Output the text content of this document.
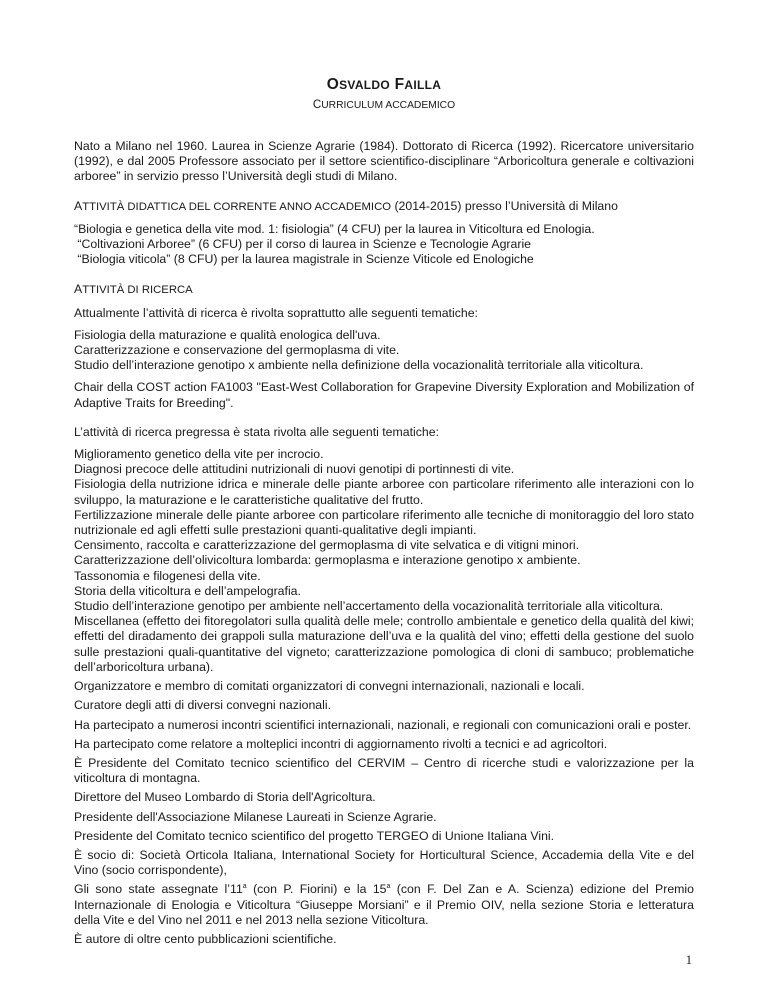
OSVALDO FAILLA
CURRICULUM ACCADEMICO

Nato a Milano nel 1960. Laurea in Scienze Agrarie (1984). Dottorato di Ricerca (1992). Ricercatore universitario (1992), e dal 2005 Professore associato per il settore scientifico-disciplinare “Arboricoltura generale e coltivazioni arboree” in servizio presso l’Università degli studi di Milano.

ATTIVITÀ DIDATTICA DEL CORRENTE ANNO ACCADEMICO (2014-2015) presso l’Università di Milano

“Biologia e genetica della vite mod. 1: fisiologia” (4 CFU) per la laurea in Viticoltura ed Enologia.

“Coltivazioni Arboree” (6 CFU) per il corso di laurea in Scienze e Tecnologie Agrarie

“Biologia viticola” (8 CFU) per la laurea magistrale in Scienze Viticole ed Enologiche

ATTIVITÀ DI RICERCA

Attualmente l’attività di ricerca è rivolta soprattutto alle seguenti tematiche:

Fisiologia della maturazione e qualità enologica dell'uva.

Caratterizzazione e conservazione del germoplasma di vite.

Studio dell’interazione genotipo x ambiente nella definizione della vocazionalità territoriale alla viticoltura.

Chair della COST action FA1003 "East-West Collaboration for Grapevine Diversity Exploration and Mobilization of Adaptive Traits for Breeding".

L’attività di ricerca pregressa è stata rivolta alle seguenti tematiche:

Miglioramento genetico della vite per incrocio.

Diagnosi precoce delle attitudini nutrizionali di nuovi genotipi di portinnesti di vite.

Fisiologia della nutrizione idrica e minerale delle piante arboree con particolare riferimento alle interazioni con lo sviluppo, la maturazione e le caratteristiche qualitative del frutto.

Fertilizzazione minerale delle piante arboree con particolare riferimento alle tecniche di monitoraggio del loro stato nutrizionale ed agli effetti sulle prestazioni quanti-qualitative degli impianti.

Censimento, raccolta e caratterizzazione del germoplasma di vite selvatica e di vitigni minori.

Caratterizzazione dell’olivicoltura lombarda: germoplasma e interazione genotipo x ambiente.

Tassonomia e filogenesi della vite.

Storia della viticoltura e dell’ampelografia.

Studio dell’interazione genotipo per ambiente nell’accertamento della vocazionalità territoriale alla viticoltura.

Miscellanea (effetto dei fitoregolatori sulla qualità delle mele; controllo ambientale e genetico della qualità del kiwi; effetti del diradamento dei grappoli sulla maturazione dell’uva e la qualità del vino; effetti della gestione del suolo sulle prestazioni quali-quantitative del vigneto; caratterizzazione pomologica di cloni di sambuco; problematiche dell’arboricoltura urbana).

Organizzatore e membro di comitati organizzatori di convegni internazionali, nazionali e locali.

Curatore degli atti di diversi convegni nazionali.

Ha partecipato a numerosi incontri scientifici internazionali, nazionali, e regionali con comunicazioni orali e poster.

Ha partecipato come relatore a molteplici incontri di aggiornamento rivolti a tecnici e ad agricoltori.

È Presidente del Comitato tecnico scientifico del CERVIM – Centro di ricerche studi e valorizzazione per la viticoltura di montagna.

Direttore del Museo Lombardo di Storia dell'Agricoltura.

Presidente dell'Associazione Milanese Laureati in Scienze Agrarie.

Presidente del Comitato tecnico scientifico del progetto TERGEO di Unione Italiana Vini.

È socio di: Società Orticola Italiana, International Society for Horticultural Science, Accademia della Vite e del Vino (socio corrispondente),

Gli sono state assegnate l’11$^a$ (con P. Fiorini) e la 15$^a$ (con F. Del Zan e A. Scienza) edizione del Premio Internazionale di Enologia e Viticoltura “Giuseppe Morsiani” e il Premio OIV, nella sezione Storia e letteratura della Vite e del Vino nel 2011 e nel 2013 nella sezione Viticoltura.

È autore di oltre cento pubblicazioni scientifiche.

1
